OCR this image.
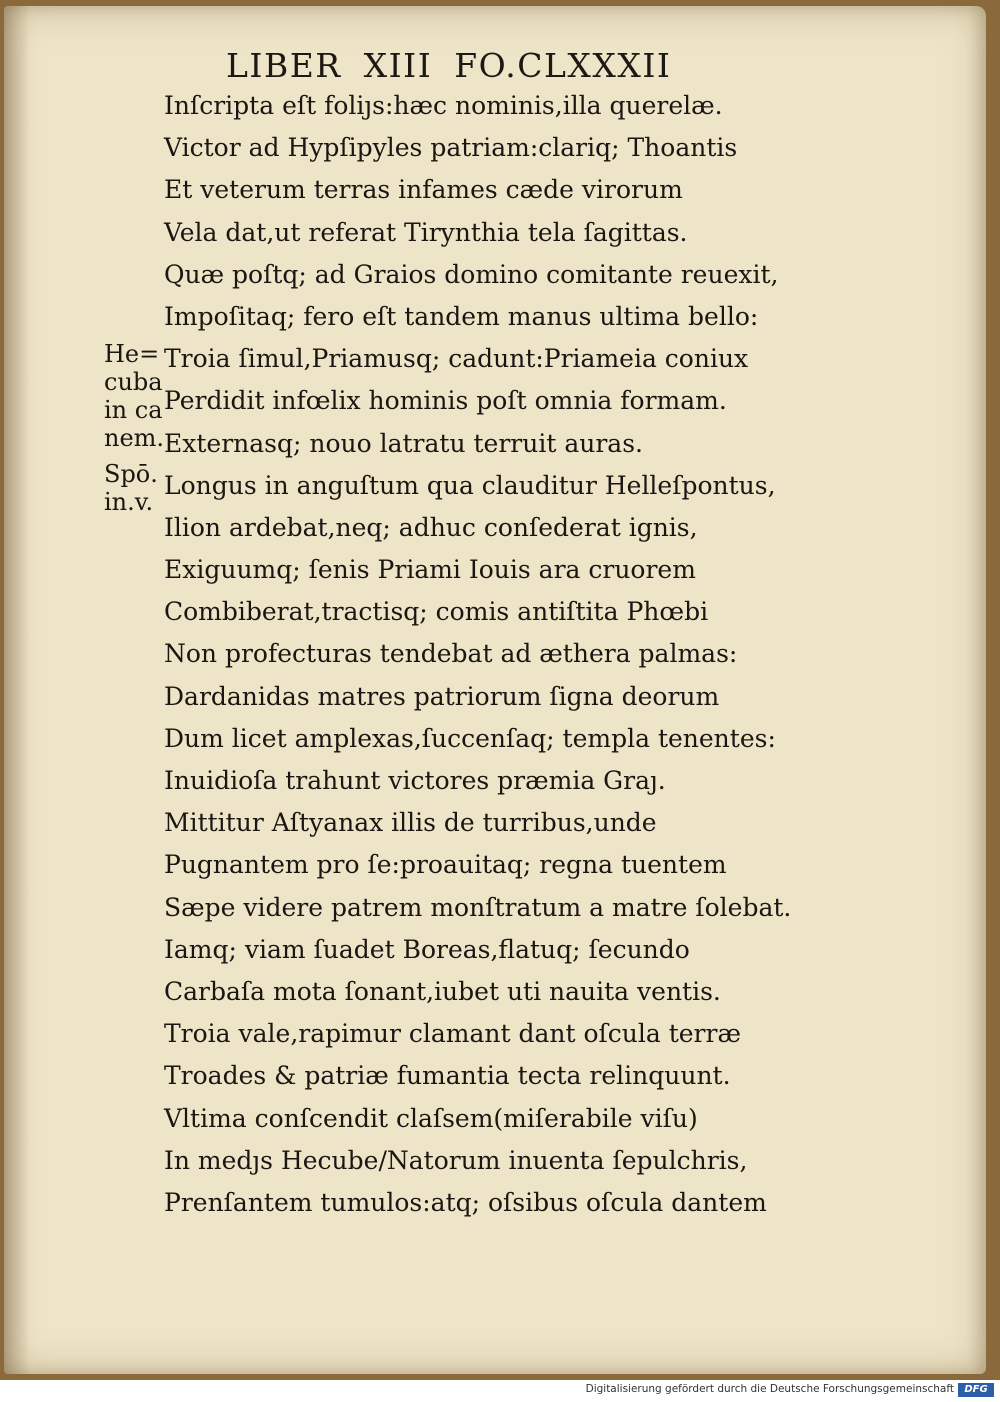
LIBER XIII FO.CLXXXII
He=
cuba
in ca
nem.
Spō.
in.v.
Inſcripta eſt foliȷs:hæc nominis,illa querelæ.
Victor ad Hypſipyles patriam:clariq; Thoantis
Et veterum terras infames cæde virorum
Vela dat,ut referat Tirynthia tela ſagittas.
Quæ poſtq; ad Graios domino comitante reuexit,
Impoſitaq; fero eſt tandem manus ultima bello:
Troia ſimul,Priamusq; cadunt:Priameia coniux
Perdidit infœlix hominis poſt omnia formam.
Externasq; nouo latratu terruit auras.
Longus in anguſtum qua clauditur Helleſpontus,
Ilion ardebat,neq; adhuc conſederat ignis,
Exiguumq; ſenis Priami Iouis ara cruorem
Combiberat,tractisq; comis antiſtita Phœbi
Non profecturas tendebat ad æthera palmas:
Dardanidas matres patriorum ſigna deorum
Dum licet amplexas,ſuccenſaq; templa tenentes:
Inuidioſa trahunt victores præmia Graȷ.
Mittitur Aſtyanax illis de turribus,unde
Pugnantem pro ſe:proauitaq; regna tuentem
Sæpe videre patrem monſtratum a matre ſolebat.
Iamq; viam ſuadet Boreas,flatuq; ſecundo
Carbaſa mota ſonant,iubet uti nauita ventis.
Troia vale,rapimur clamant dant oſcula terræ
Troades & patriæ fumantia tecta relinquunt.
Vltima conſcendit claſsem(miſerabile viſu)
In medȷs Hecube/Natorum inuenta ſepulchris,
Prenſantem tumulos:atq; oſsibus oſcula dantem
Digitalisierung gefördert durch die Deutsche Forschungsgemeinschaft	DFG
